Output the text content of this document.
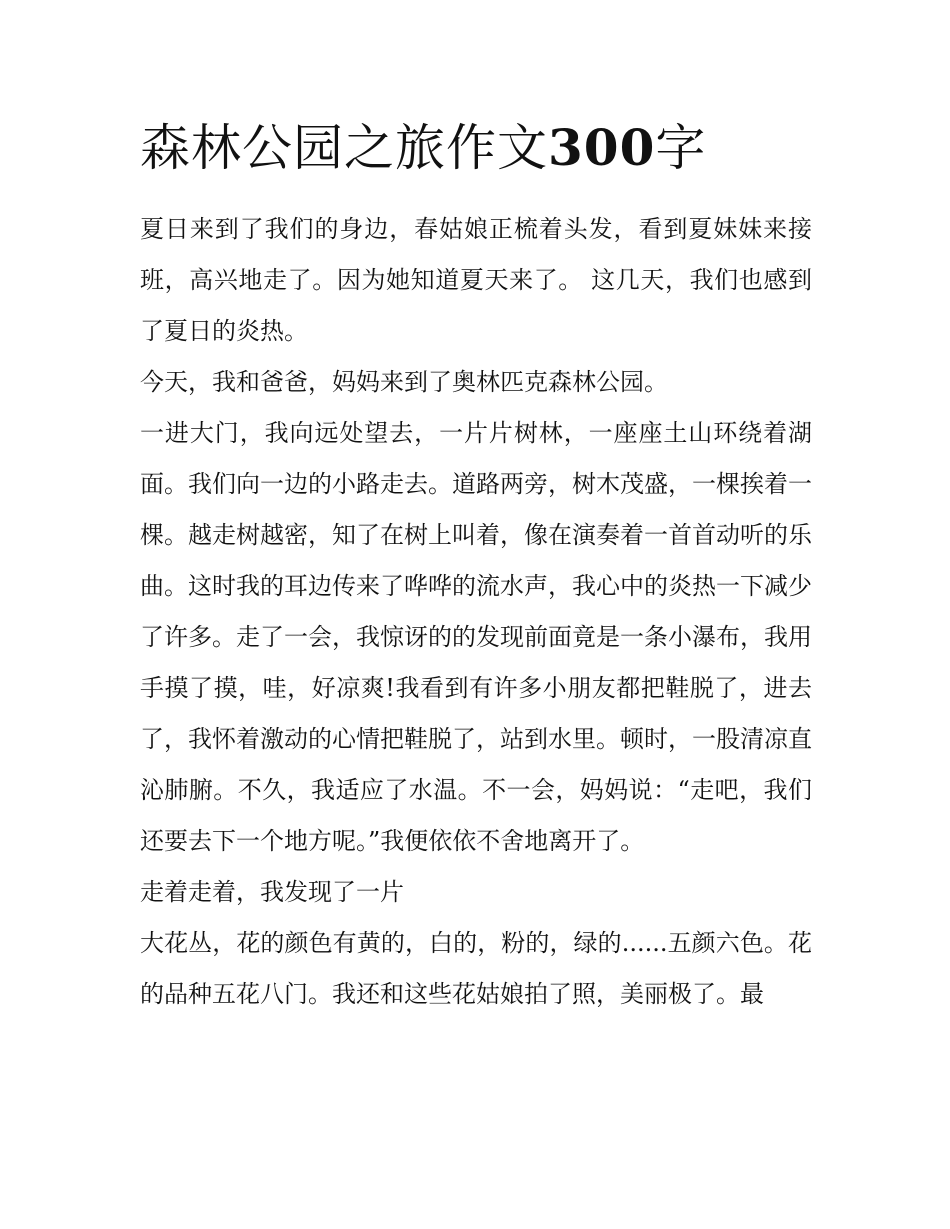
森林公园之旅作文300字

夏日来到了我们的身边，春姑娘正梳着头发，看到夏妹妹来接班，高兴地走了。因为她知道夏天来了。 这几天，我们也感到了夏日的炎热。

今天，我和爸爸，妈妈来到了奥林匹克森林公园。

一进大门，我向远处望去，一片片树林，一座座土山环绕着湖面。我们向一边的小路走去。道路两旁，树木茂盛，一棵挨着一棵。越走树越密，知了在树上叫着，像在演奏着一首首动听的乐曲。这时我的耳边传来了哗哗的流水声，我心中的炎热一下减少了许多。走了一会，我惊讶的的发现前面竟是一条小瀑布，我用手摸了摸，哇，好凉爽!我看到有许多小朋友都把鞋脱了，进去了，我怀着激动的心情把鞋脱了，站到水里。顿时，一股清凉直沁肺腑。不久，我适应了水温。不一会，妈妈说：“走吧，我们还要去下一个地方呢。”我便依依不舍地离开了。

走着走着，我发现了一片

大花丛，花的颜色有黄的，白的，粉的，绿的......五颜六色。花的品种五花八门。我还和这些花姑娘拍了照，美丽极了。最
